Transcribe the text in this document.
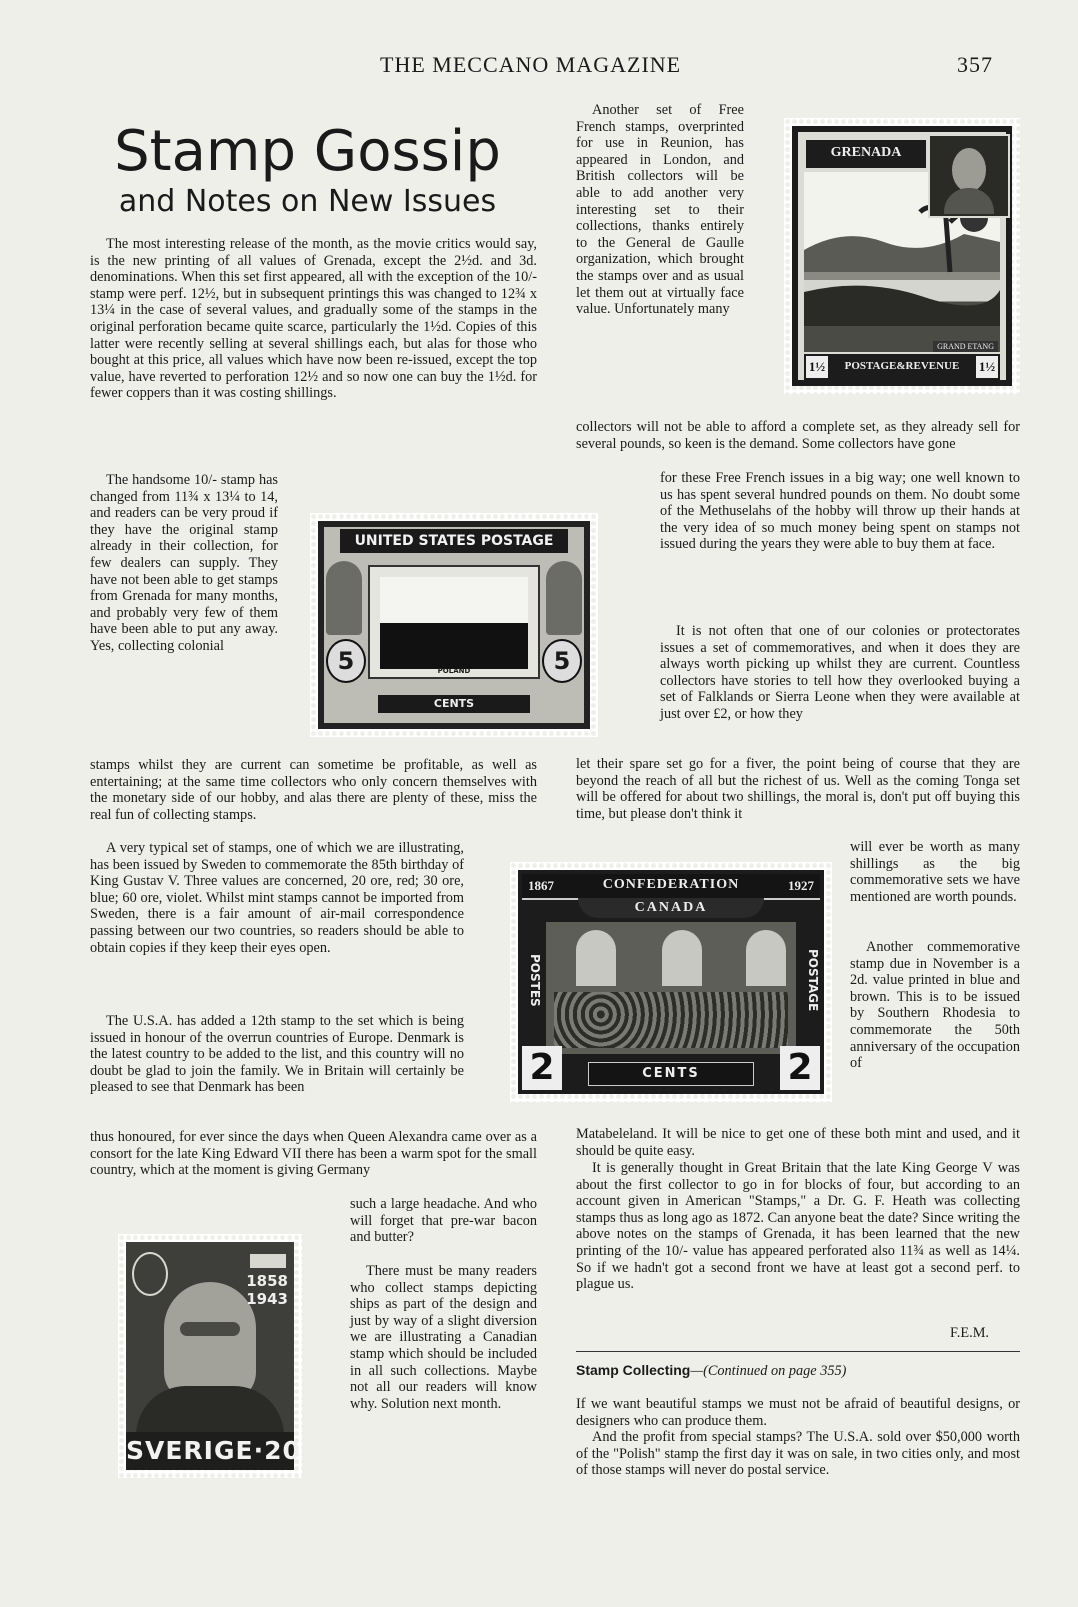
THE MECCANO MAGAZINE	357
Stamp Gossip
and Notes on New Issues

The most interesting release of the month, as the movie critics would say, is the new printing of all values of Grenada, except the 2½d. and 3d. denominations. When this set first appeared, all with the exception of the 10/- stamp were perf. 12½, but in subsequent printings this was changed to 12¾ x 13¼ in the case of several values, and gradually some of the stamps in the original perforation became quite scarce, particularly the 1½d. Copies of this latter were recently selling at several shillings each, but alas for those who bought at this price, all values which have now been re-issued, except the top value, have reverted to perforation 12½ and so now one can buy the 1½d. for fewer coppers than it was costing shillings.

The handsome 10/- stamp has changed from 11¾ x 13¼ to 14, and readers can be very proud if they have the original stamp already in their collection, for few dealers can supply. They have not been able to get stamps from Grenada for many months, and probably very few of them have been able to put any away. Yes, collecting colonial

stamps whilst they are current can sometime be profitable, as well as entertaining; at the same time collectors who only concern themselves with the monetary side of our hobby, and alas there are plenty of these, miss the real fun of collecting stamps.

A very typical set of stamps, one of which we are illustrating, has been issued by Sweden to commemorate the 85th birthday of King Gustav V. Three values are concerned, 20 ore, red; 30 ore, blue; 60 ore, violet. Whilst mint stamps cannot be imported from Sweden, there is a fair amount of air-mail correspondence passing between our two countries, so readers should be able to obtain copies if they keep their eyes open.

The U.S.A. has added a 12th stamp to the set which is being issued in honour of the overrun countries of Europe. Denmark is the latest country to be added to the list, and this country will no doubt be glad to join the family. We in Britain will certainly be pleased to see that Denmark has been

thus honoured, for ever since the days when Queen Alexandra came over as a consort for the late King Edward VII there has been a warm spot for the small country, which at the moment is giving Germany

such a large headache. And who will forget that pre-war bacon and butter?

There must be many readers who collect stamps depicting ships as part of the design and just by way of a slight diversion we are illustrating a Canadian stamp which should be included in all such collections. Maybe not all our readers will know why. Solution next month.

Another set of Free French stamps, overprinted for use in Reunion, has appeared in London, and British collectors will be able to add another very interesting set to their collections, thanks entirely to the General de Gaulle organization, which brought the stamps over and as usual let them out at virtually face value. Unfortunately many

collectors will not be able to afford a complete set, as they already sell for several pounds, so keen is the demand. Some collectors have gone

for these Free French issues in a big way; one well known to us has spent several hundred pounds on them. No doubt some of the Methuselahs of the hobby will throw up their hands at the very idea of so much money being spent on stamps not issued during the years they were able to buy them at face.

It is not often that one of our colonies or protectorates issues a set of commemoratives, and when it does they are always worth picking up whilst they are current. Countless collectors have stories to tell how they overlooked buying a set of Falklands or Sierra Leone when they were available at just over £2, or how they

let their spare set go for a fiver, the point being of course that they are beyond the reach of all but the richest of us. Well as the coming Tonga set will be offered for about two shillings, the moral is, don't put off buying this time, but please don't think it

will ever be worth as many shillings as the big commemorative sets we have mentioned are worth pounds.

Another commemorative stamp due in November is a 2d. value printed in blue and brown. This is to be issued by Southern Rhodesia to commemorate the 50th anniversary of the occupation of

Matabeleland. It will be nice to get one of these both mint and used, and it should be quite easy.

It is generally thought in Great Britain that the late King George V was about the first collector to go in for blocks of four, but according to an account given in American "Stamps," a Dr. G. F. Heath was collecting stamps thus as long ago as 1872. Can anyone beat the date? Since writing the above notes on the stamps of Grenada, it has been learned that the new printing of the 10/- value has appeared perforated also 11¾ as well as 14¼. So if we hadn't got a second front we have at least got a second perf. to plague us.

F.E.M.
Stamp Collecting—(Continued on page 355)

If we want beautiful stamps we must not be afraid of beautiful designs, or designers who can produce them.

And the profit from special stamps? The U.S.A. sold over $50,000 worth of the "Polish" stamp the first day it was on sale, in two cities only, and most of those stamps will never do postal service.

GRENADA
1½	POSTAGE&REVENUE	1½
GRAND ETANG
UNITED STATES POSTAGE
POLAND
5	5
CENTS
1867	CONFEDERATION	1927
CANADA
POSTES	POSTAGE
2	2
CENTS
1858
1943
SVERIGE·20
